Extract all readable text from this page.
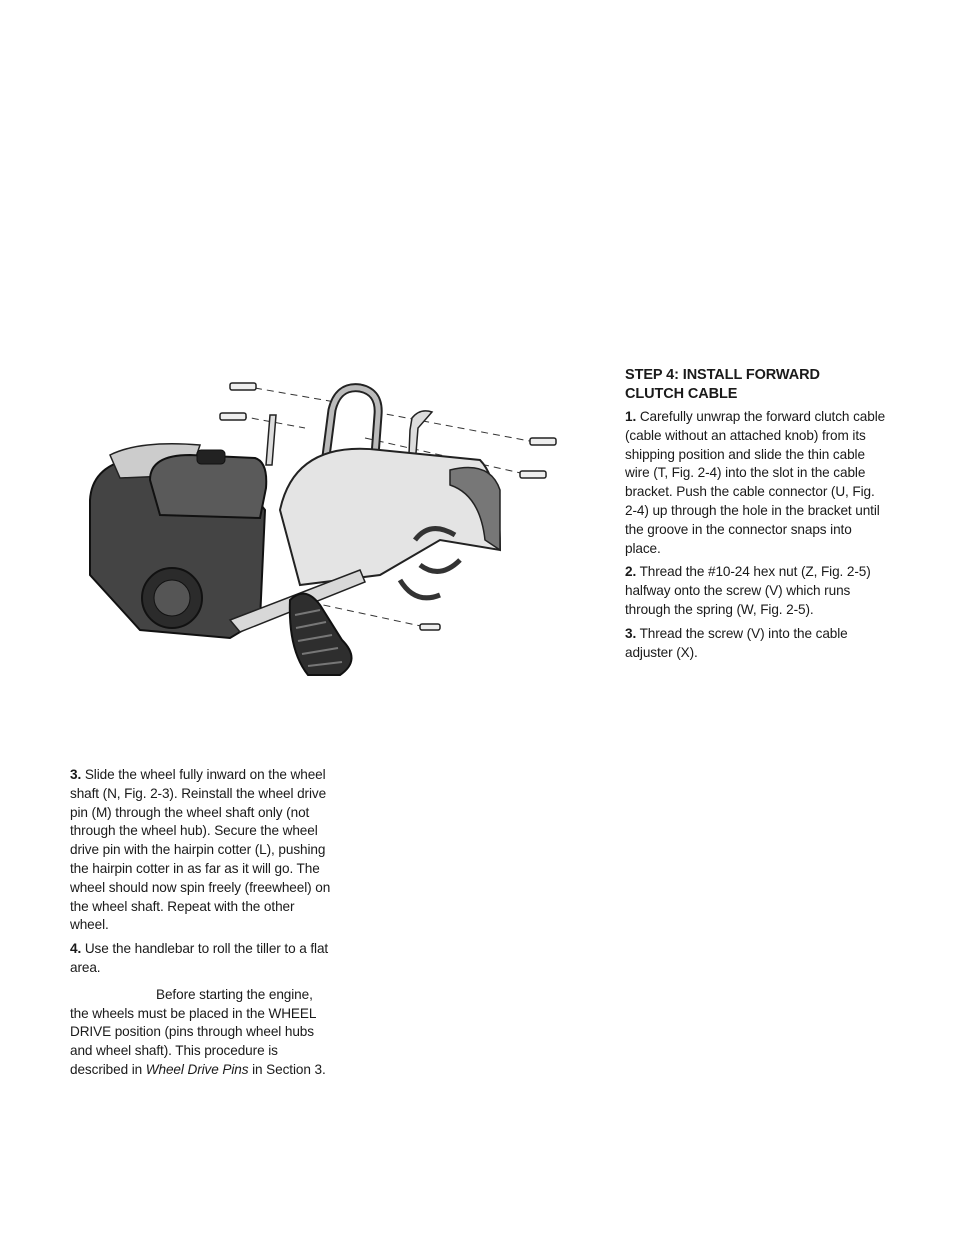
3. Slide the wheel fully inward on the wheel shaft (N, Fig. 2-3). Reinstall the wheel drive pin (M) through the wheel shaft only (not through the wheel hub). Secure the wheel drive pin with the hairpin cotter (L), pushing the hairpin cotter in as far as it will go. The wheel should now spin freely (freewheel) on the wheel shaft. Repeat with the other wheel.

4. Use the handlebar to roll the tiller to a flat area.

Before starting the engine, the wheels must be placed in the WHEEL DRIVE position (pins through wheel hubs and wheel shaft). This procedure is described in Wheel Drive Pins in Section 3.

STEP 4: INSTALL FORWARD
CLUTCH CABLE

1. Carefully unwrap the forward clutch cable (cable without an attached knob) from its shipping position and slide the thin cable wire (T, Fig. 2-4) into the slot in the cable bracket. Push the cable connector (U, Fig. 2-4) up through the hole in the bracket until the groove in the connector snaps into place.

2. Thread the #10-24 hex nut (Z, Fig. 2-5) halfway onto the screw (V) which runs through the spring (W, Fig. 2-5).

3. Thread the screw (V) into the cable adjuster (X).
